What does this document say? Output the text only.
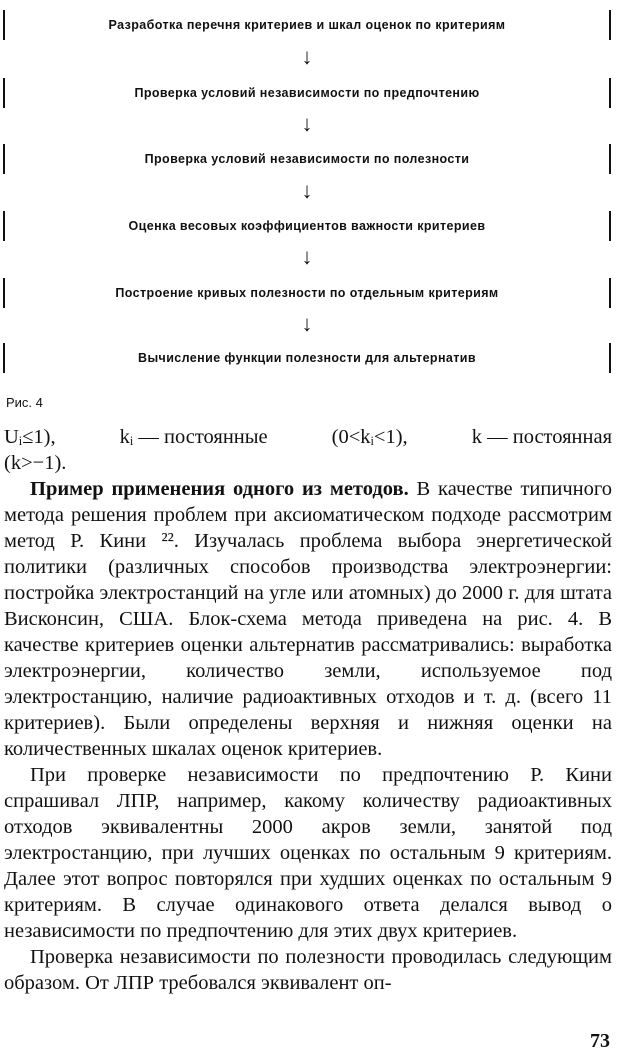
Разработка перечня критериев и шкал оценок по критериям
↓
Проверка условий независимости по предпочтению
↓
Проверка условий независимости по полезности
↓
Оценка весовых коэффициентов важности критериев
↓
Построение кривых полезности по отдельным критериям
↓
Вычисление функции полезности для альтернатив
Рис. 4
Uᵢ≤1),	kᵢ — постоянные	(0<kᵢ<1),	k — постоянная

(k>−1).

Пример применения одного из методов. В качестве типичного метода решения проблем при аксиоматическом подходе рассмотрим метод Р. Кини ²². Изучалась проблема выбора энергетической политики (различных способов производства электроэнергии: постройка электростанций на угле или атомных) до 2000 г. для штата Висконсин, США. Блок-схема метода приведена на рис. 4. В качестве критериев оценки альтернатив рассматривались: выработка электроэнергии, количество земли, используемое под электростанцию, наличие радиоактивных отходов и т. д. (всего 11 критериев). Были определены верхняя и нижняя оценки на количественных шкалах оценок критериев.

При проверке независимости по предпочтению Р. Кини спрашивал ЛПР, например, какому количеству радиоактивных отходов эквивалентны 2000 акров земли, занятой под электростанцию, при лучших оценках по остальным 9 критериям. Далее этот вопрос повторялся при худших оценках по остальным 9 критериям. В случае одинакового ответа делался вывод о независимости по предпочтению для этих двух критериев.

Проверка независимости по полезности проводилась следующим образом. От ЛПР требовался эквивалент оп-

73
